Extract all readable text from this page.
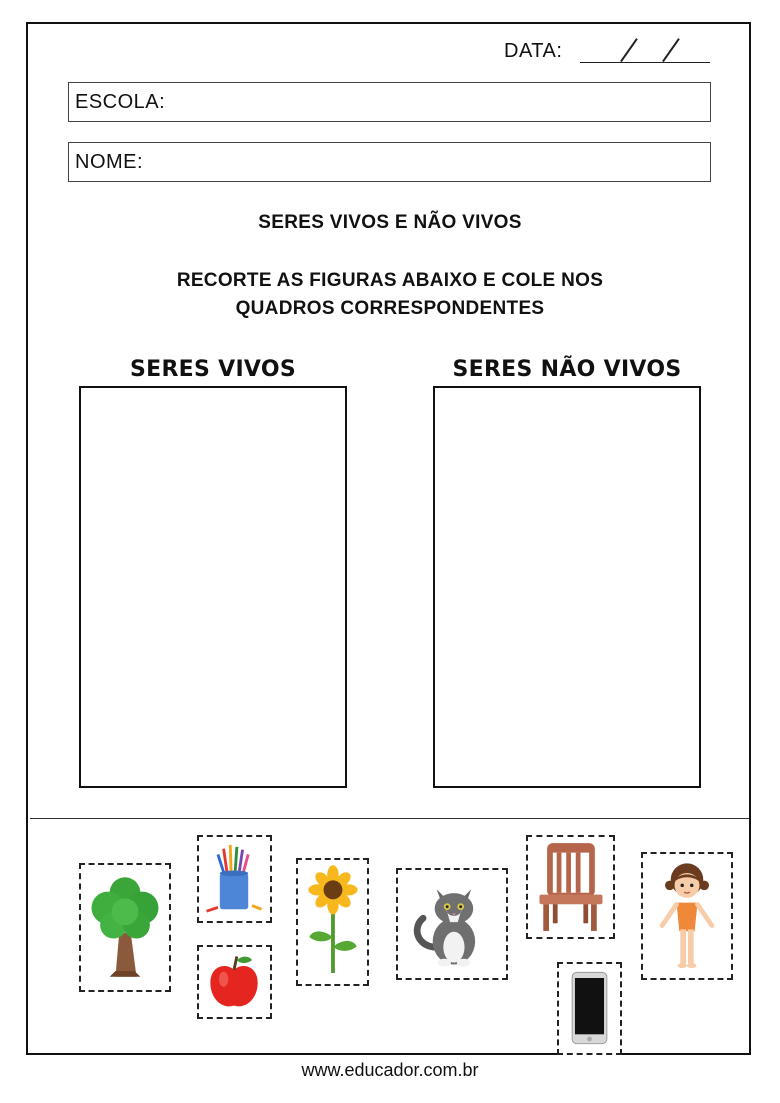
DATA:
ESCOLA:
NOME:
SERES VIVOS E NÃO VIVOS
RECORTE AS FIGURAS ABAIXO E COLE NOS
QUADROS CORRESPONDENTES
SERES VIVOS	SERES NÃO VIVOS
www.educador.com.br
